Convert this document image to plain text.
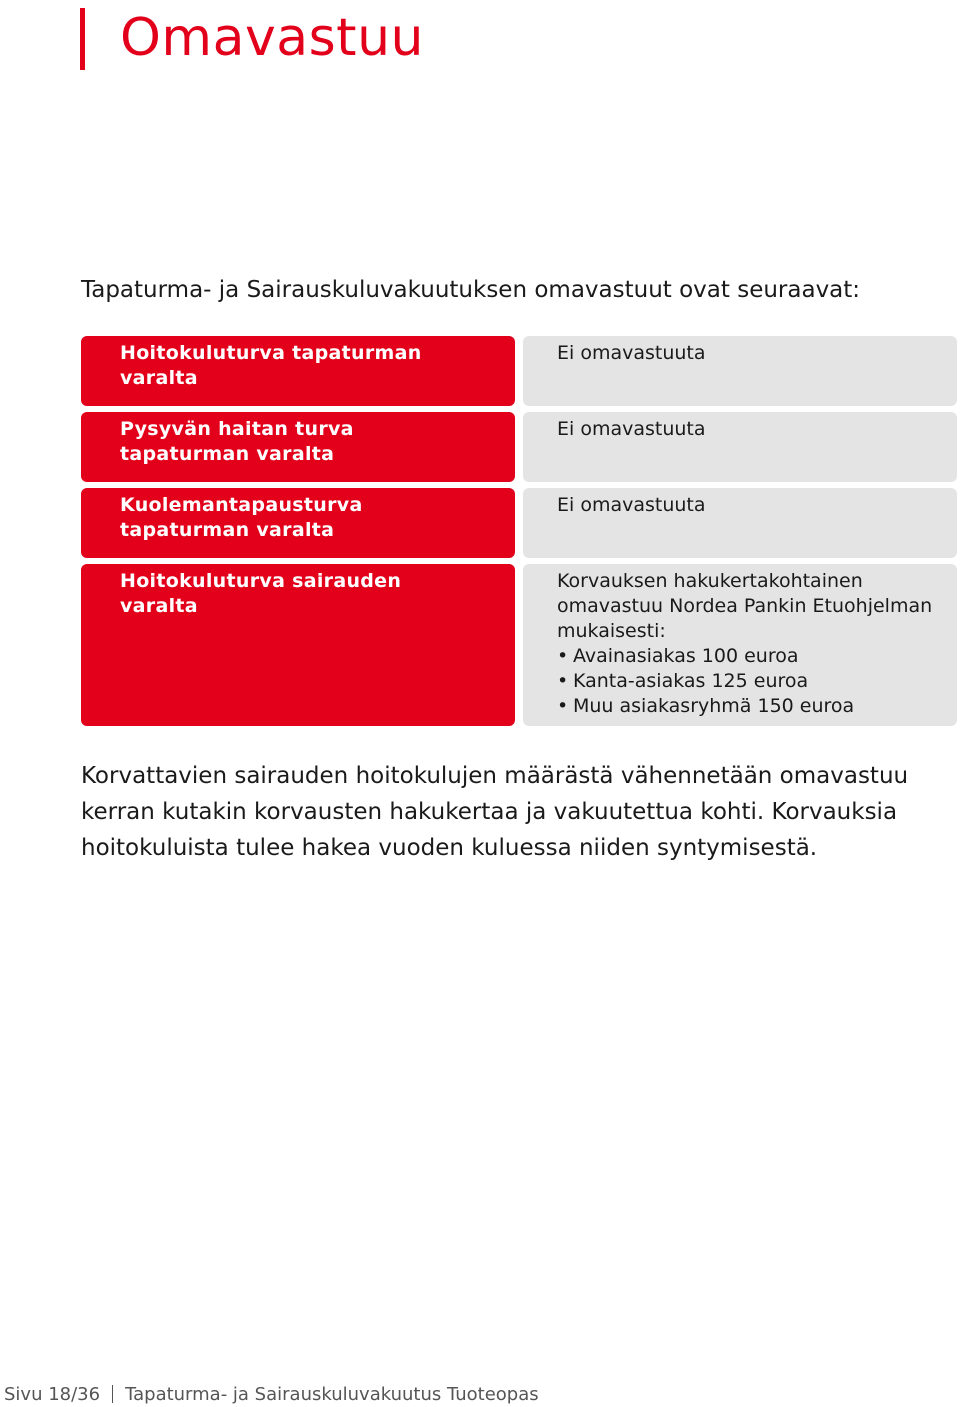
Omavastuu

Tapaturma- ja Sairauskuluvakuutuksen omavastuut ovat seuraavat:

Hoitokuluturva tapaturman varalta
Ei omavastuuta
Pysyvän haitan turva tapaturman varalta
Ei omavastuuta
Kuolemantapausturva tapaturman varalta
Ei omavastuuta
Hoitokuluturva sairauden varalta
Korvauksen hakukertakohtainen omavastuu Nordea Pankin Etuohjelman mukaisesti:
• Avainasiakas 100 euroa
• Kanta-asiakas 125 euroa
• Muu asiakasryhmä 150 euroa

Korvattavien sairauden hoitokulujen määrästä vähennetään omavastuu kerran kutakin korvausten hakukertaa ja vakuutettua kohti. Korvauksia hoitokuluista tulee hakea vuoden kuluessa niiden syntymisestä.

Sivu 18/36 Tapaturma- ja Sairauskuluvakuutus Tuoteopas
